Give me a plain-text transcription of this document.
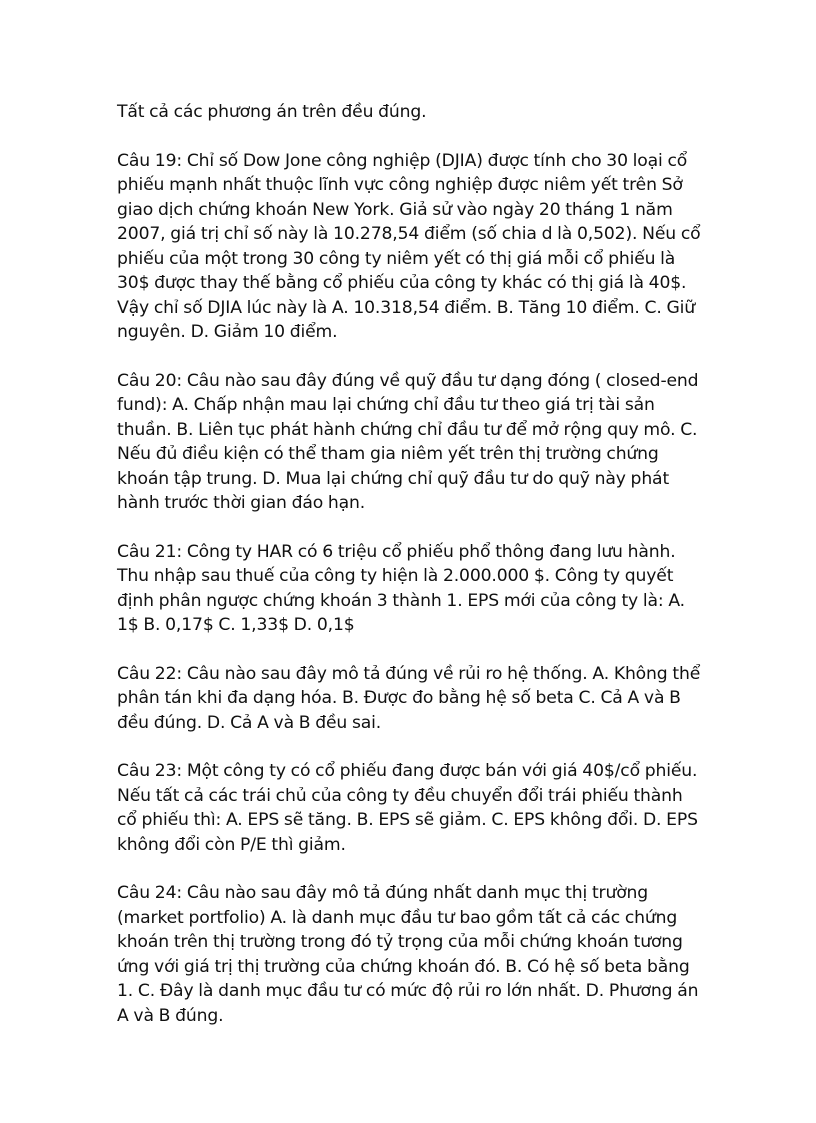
Tất cả các phương án trên đều đúng.

Câu 19: Chỉ số Dow Jone công nghiệp (DJIA) được tính cho 30 loại cổ phiếu mạnh nhất thuộc lĩnh vực công nghiệp được niêm yết trên Sở giao dịch chứng khoán New York. Giả sử vào ngày 20 tháng 1 năm 2007, giá trị chỉ số này là 10.278,54 điểm (số chia d là 0,502). Nếu cổ phiếu của một trong 30 công ty niêm yết có thị giá mỗi cổ phiếu là 30$ được thay thế bằng cổ phiếu của công ty khác có thị giá là 40$. Vậy chỉ số DJIA lúc này là A. 10.318,54 điểm. B. Tăng 10 điểm. C. Giữ nguyên. D. Giảm 10 điểm.

Câu 20: Câu nào sau đây đúng về quỹ đầu tư dạng đóng ( closed-end fund): A. Chấp nhận mau lại chứng chỉ đầu tư theo giá trị tài sản thuần. B. Liên tục phát hành chứng chỉ đầu tư để mở rộng quy mô. C. Nếu đủ điều kiện có thể tham gia niêm yết trên thị trường chứng khoán tập trung. D. Mua lại chứng chỉ quỹ đầu tư do quỹ này phát hành trước thời gian đáo hạn.

Câu 21: Công ty HAR có 6 triệu cổ phiếu phổ thông đang lưu hành. Thu nhập sau thuế của công ty hiện là 2.000.000 $. Công ty quyết định phân ngược chứng khoán 3 thành 1. EPS mới của công ty là: A. 1$ B. 0,17$ C. 1,33$ D. 0,1$

Câu 22: Câu nào sau đây mô tả đúng về rủi ro hệ thống. A. Không thể phân tán khi đa dạng hóa. B. Được đo bằng hệ số beta C. Cả A và B đều đúng. D. Cả A và B đều sai.

Câu 23: Một công ty có cổ phiếu đang được bán với giá 40$/cổ phiếu. Nếu tất cả các trái chủ của công ty đều chuyển đổi trái phiếu thành cổ phiếu thì: A. EPS sẽ tăng. B. EPS sẽ giảm. C. EPS không đổi. D. EPS không đổi còn P/E thì giảm.

Câu 24: Câu nào sau đây mô tả đúng nhất danh mục thị trường (market portfolio) A. là danh mục đầu tư bao gồm tất cả các chứng khoán trên thị trường trong đó tỷ trọng của mỗi chứng khoán tương ứng với giá trị thị trường của chứng khoán đó. B. Có hệ số beta bằng 1. C. Đây là danh mục đầu tư có mức độ rủi ro lớn nhất. D. Phương án A và B đúng.
